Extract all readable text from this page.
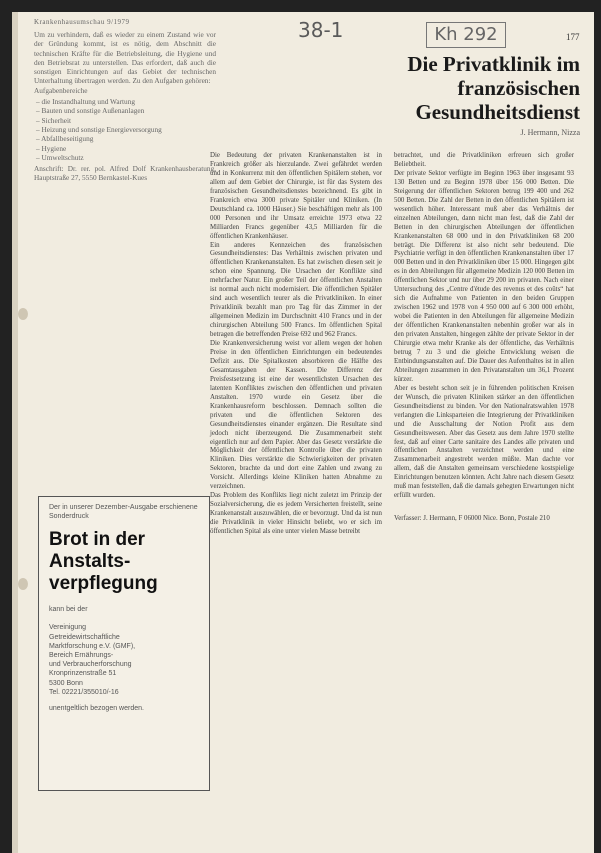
Krankenhausumschau 9/1979	38-1	Kh 292	177
Die Privatklinik im
französischen
Gesundheitsdienst
J. Hermann, Nizza

Um zu verhindern, daß es wieder zu einem Zustand wie vor der Gründung kommt, ist es nötig, dem Abschnitt die technischen Kräfte für die Betriebsleitung, die Hygiene und den Betriebsrat zu unterstellen. Das erfordert, daß auch die sonstigen Einrichtungen auf das Gebiet der technischen Unterhaltung übertragen werden. Zu den Aufgaben gehören:

Aufgabenbereiche

– die Instandhaltung und Wartung
– Bauten und sonstige Außenanlagen
– Sicherheit
– Heizung und sonstige Energieversorgung
– Abfallbeseitigung
– Hygiene
– Umweltschutz

Anschrift: Dr. rer. pol. Alfred Dolf Krankenhausberatung, Hauptstraße 27, 5550 Bernkastel-Kues

Der in unserer Dezember-Ausgabe erschienene Sonderdruck
Brot in der
Anstalts-
verpflegung
kann bei der

Vereinigung
Getreidewirtschaftliche
Marktforschung e.V. (GMF),
Bereich Ernährungs-
und Verbraucherforschung
Kronprinzenstraße 51
5300 Bonn
Tel. 02221/355010/-16
unentgeltlich bezogen werden.

Die Bedeutung der privaten Krankenanstalten ist in Frankreich größer als hierzulande. Zwei gefährdet werden und in Konkurrenz mit den öffentlichen Spitälern stehen, vor allem auf dem Gebiet der Chirurgie, ist für das System des französischen Gesundheitsdienstes bezeichnend. Es gibt in Frankreich etwa 3000 private Spitäler und Kliniken. (In Deutschland ca. 1000 Häuser.) Sie beschäftigen mehr als 100 000 Personen und ihr Umsatz erreichte 1973 etwa 22 Milliarden Francs gegenüber 43,5 Milliarden für die öffentlichen Krankenhäuser.

Ein anderes Kennzeichen des französischen Gesundheitsdienstes: Das Verhältnis zwischen privaten und öffentlichen Krankenanstalten. Es hat zwischen diesen seit je schon eine Spannung. Die Ursachen der Konflikte sind mehrfacher Natur. Ein großer Teil der öffentlichen Anstalten ist normal auch nicht modernisiert. Die öffentlichen Spitäler sind auch wesentlich teurer als die Privatkliniken. In einer Privatklinik bezahlt man pro Tag für das Zimmer in der allgemeinen Medizin im Durchschnitt 410 Francs und in der chirurgischen Abteilung 500 Francs. Im öffentlichen Spital betragen die betreffenden Preise 692 und 962 Francs.

Die Krankenversicherung weist vor allem wegen der hohen Preise in den öffentlichen Einrichtungen ein bedeutendes Defizit aus. Die Spitalkosten absorbieren die Hälfte des Gesamtausgaben der Kassen. Die Differenz der Preisfestsetzung ist eine der wesentlichsten Ursachen des latenten Konfliktes zwischen den öffentlichen und privaten Anstalten. 1970 wurde ein Gesetz über die Krankenhausreform beschlossen. Demnach sollten die privaten und die öffentlichen Sektoren des Gesundheitsdienstes einander ergänzen. Die Resultate sind jedoch nicht überzeugend. Die Zusammenarbeit steht eigentlich nur auf dem Papier. Aber das Gesetz verstärkte die Möglichkeit der öffentlichen Kontrolle über die privaten Kliniken. Dies verstärkte die Schwierigkeiten der privaten Sektoren, brachte da und dort eine Zahlen und zwang zu Vorsicht. Allerdings kleine Kliniken hatten Abnahme zu verzeichnen.

Das Problem des Konflikts liegt nicht zuletzt im Prinzip der Sozialversicherung, die es jedem Versicherten freistellt, seine Krankenanstalt auszuwählen, die er bevorzugt. Und da ist nun die Privatklinik in vieler Hinsicht beliebt, wo er sich im öffentlichen Spital als eine unter vielen Masse betreibt

betrachtet, und die Privatkliniken erfreuen sich großer Beliebtheit.

Der private Sektor verfügte im Beginn 1963 über insgesamt 93 130 Betten und zu Beginn 1978 über 156 000 Betten. Die Steigerung der öffentlichen Sektoren betrug 199 400 und 262 500 Betten. Die Zahl der Betten in den öffentlichen Spitälern ist wesentlich höher. Interessant muß aber das Verhältnis der einzelnen Abteilungen, dann nicht man fest, daß die Zahl der Betten in den chirurgischen Abteilungen der öffentlichen Krankenanstalten 68 000 und in den Privatkliniken 68 200 beträgt. Die Differenz ist also nicht sehr bedeutend. Die Psychiatrie verfügt in den öffentlichen Krankenanstalten über 17 000 Betten und in den Privatkliniken über 15 000. Hingegen gibt es in den Abteilungen für allgemeine Medizin 120 000 Betten im öffentlichen Sektor und nur über 29 200 im privaten. Nach einer Untersuchung des „Centre d'étude des revenus et des coûts“ hat sich die Aufnahme von Patienten in den beiden Gruppen zwischen 1962 und 1978 von 4 950 000 auf 6 300 000 erhöht, wobei die Patienten in den Abteilungen für allgemeine Medizin der öffentlichen Krankenanstalten nebenhin großer war als in den privaten Anstalten, hingegen zählte der private Sektor in der Chirurgie etwa mehr Kranke als der öffentliche, das Verhältnis betrug 7 zu 3 und die gleiche Entwicklung weisen die Entbindungsanstalten auf. Die Dauer des Aufenthaltes ist in allen Abteilungen zusammen in den Privatanstalten um 36,1 Prozent kürzer.

Aber es besteht schon seit je in führenden politischen Kreisen der Wunsch, die privaten Kliniken stärker an den öffentlichen Gesundheitsdienst zu binden. Vor den Nationalratswahlen 1978 verlangten die Linksparteien die Integrierung der Privatkliniken und die Ausschaltung der Notion Profit aus dem Gesundheitswesen. Aber das Gesetz aus dem Jahre 1970 stellte fest, daß auf einer Carte sanitaire des Landes alle privaten und öffentlichen Anstalten verzeichnet werden und eine Zusammenarbeit angestrebt werden müßte. Man dachte vor allem, daß die Anstalten gemeinsam verschiedene kostspielige Einrichtungen benutzen könnten. Acht Jahre nach diesem Gesetz muß man feststellen, daß die damals gehegten Erwartungen nicht erfüllt wurden.

Verfasser: J. Hermann, F 06000 Nice. Bonn, Postale 210
